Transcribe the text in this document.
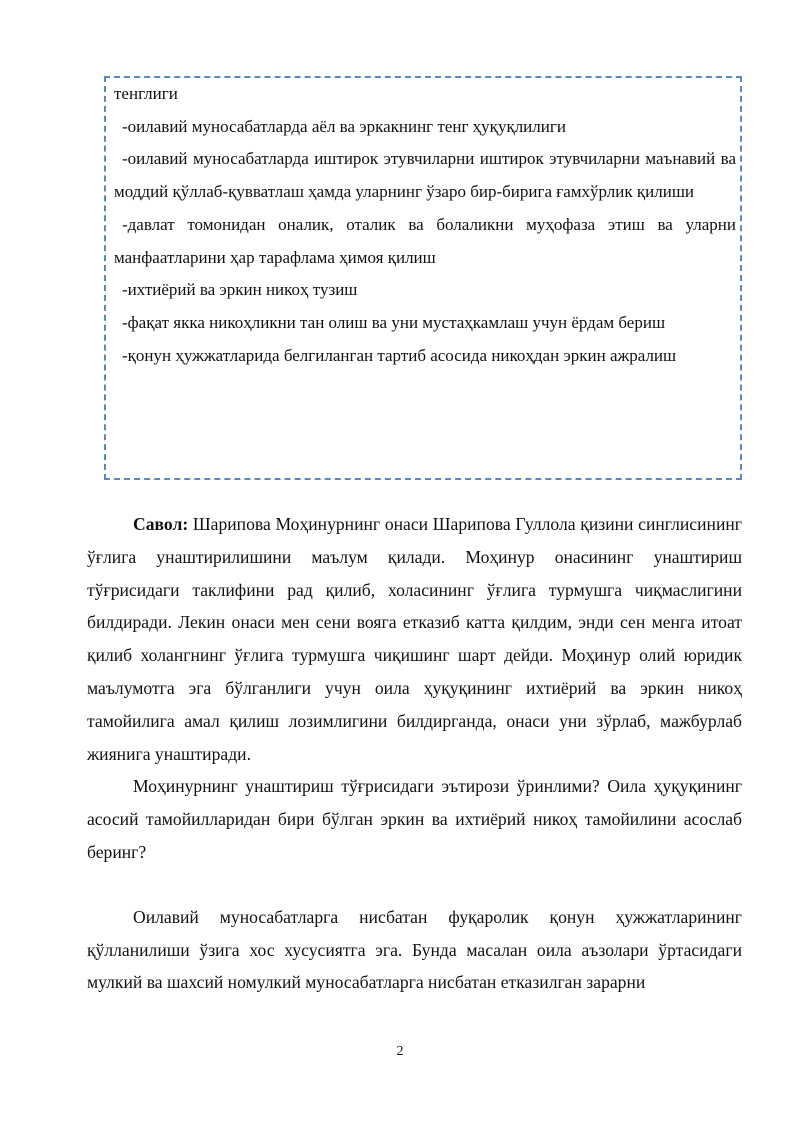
тенглиги

-оилавий муносабатларда аёл ва эркакнинг тенг ҳуқуқлилиги

-оилавий муносабатларда иштирок этувчиларни иштирок этувчиларни маънавий ва моддий қўллаб-қувватлаш ҳамда уларнинг ўзаро бир-бирига ғамхўрлик қилиши

-давлат томонидан оналик, оталик ва болаликни муҳофаза этиш ва уларни манфаатларини ҳар тарафлама ҳимоя қилиш

-ихтиёрий ва эркин никоҳ тузиш

-фақат якка никоҳликни тан олиш ва уни мустаҳкамлаш учун ёрдам бериш

-қонун ҳужжатларида белгиланган тартиб асосида никоҳдан эркин ажралиш

Савол: Шарипова Моҳинурнинг онаси Шарипова Гуллола қизини синглисининг ўғлига унаштирилишини маълум қилади. Моҳинур онасининг унаштириш тўғрисидаги таклифини рад қилиб, холасининг ўғлига турмушга чиқмаслигини билдиради. Лекин онаси мен сени вояга етказиб катта қилдим, энди сен менга итоат қилиб холангнинг ўғлига турмушга чиқишинг шарт дейди. Моҳинур олий юридик маълумотга эга бўлганлиги учун оила ҳуқуқининг ихтиёрий ва эркин никоҳ тамойилига амал қилиш лозимлигини билдирганда, онаси уни зўрлаб, мажбурлаб жиянига унаштиради.

Моҳинурнинг унаштириш тўғрисидаги эътирози ўринлими? Оила ҳуқуқининг асосий тамойилларидан бири бўлган эркин ва ихтиёрий никоҳ тамойилини асослаб беринг?

Оилавий муносабатларга нисбатан фуқаролик қонун ҳужжатларининг қўлланилиши ўзига хос хусусиятга эга. Бунда масалан оила аъзолари ўртасидаги мулкий ва шахсий номулкий муносабатларга нисбатан етказилган зарарни

2
